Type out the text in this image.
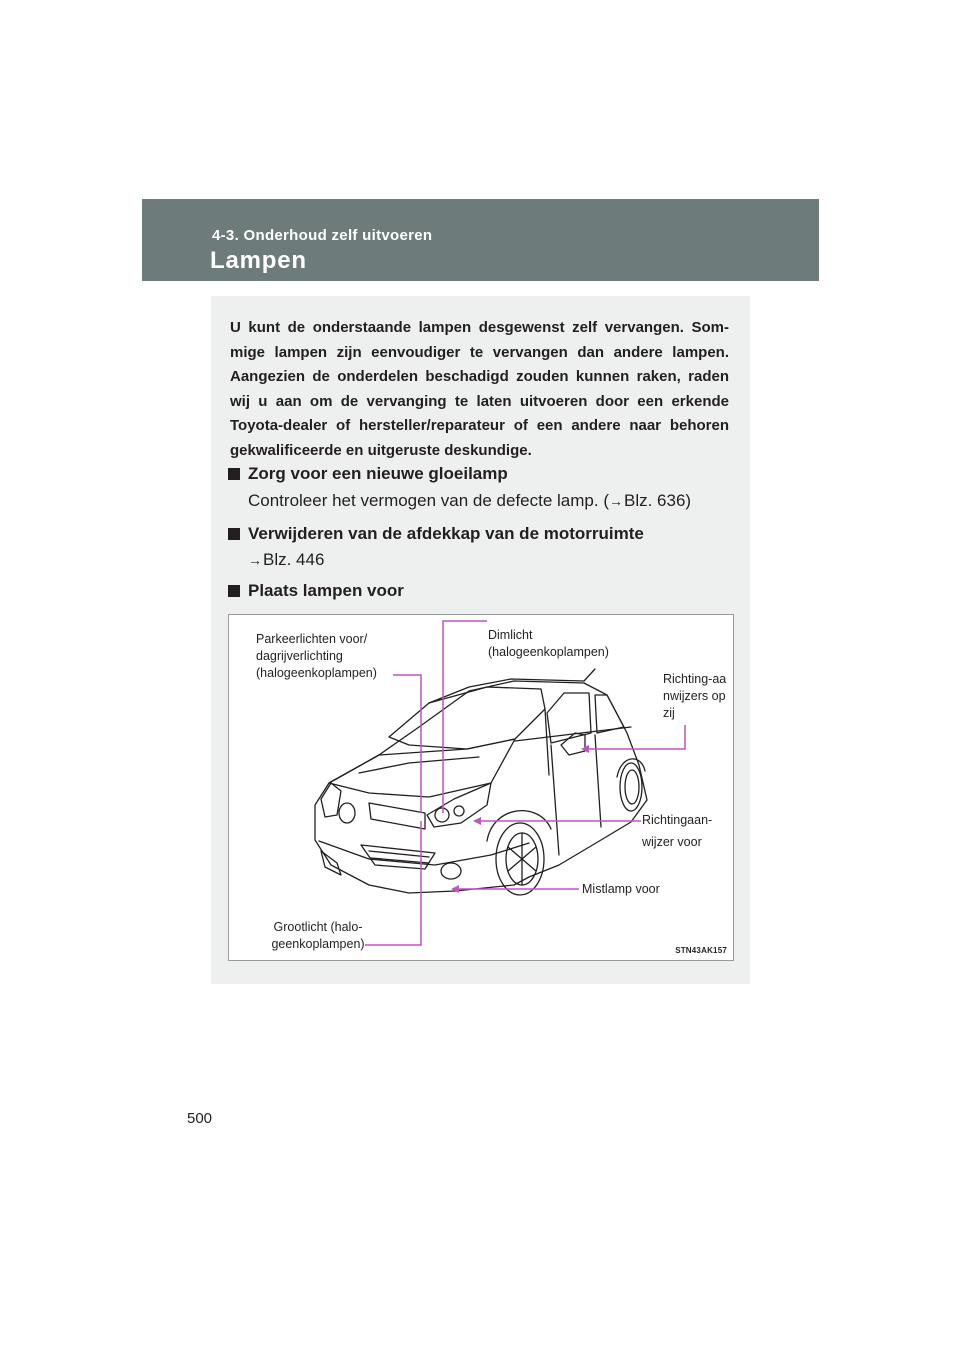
4-3. Onderhoud zelf uitvoeren
Lampen

U kunt de onderstaande lampen desgewenst zelf vervangen. Som-mige lampen zijn eenvoudiger te vervangen dan andere lampen. Aangezien de onderdelen beschadigd zouden kunnen raken, raden wij u aan om de vervanging te laten uitvoeren door een erkende Toyota-dealer of hersteller/reparateur of een andere naar behoren gekwalificeerde en uitgeruste deskundige.

Zorg voor een nieuwe gloeilamp
Controleer het vermogen van de defecte lamp. (→Blz. 636)
Verwijderen van de afdekkap van de motorruimte
→Blz. 446
Plaats lampen voor
Parkeerlichten voor/ dagrijverlichting (halogeenkoplampen)
Dimlicht (halogeenkoplampen)
Richting-aanwijzers opzij
Richtingaan-wijzer voor
Mistlamp voor
Grootlicht (halo-geenkoplampen)	STN43AK157
500
